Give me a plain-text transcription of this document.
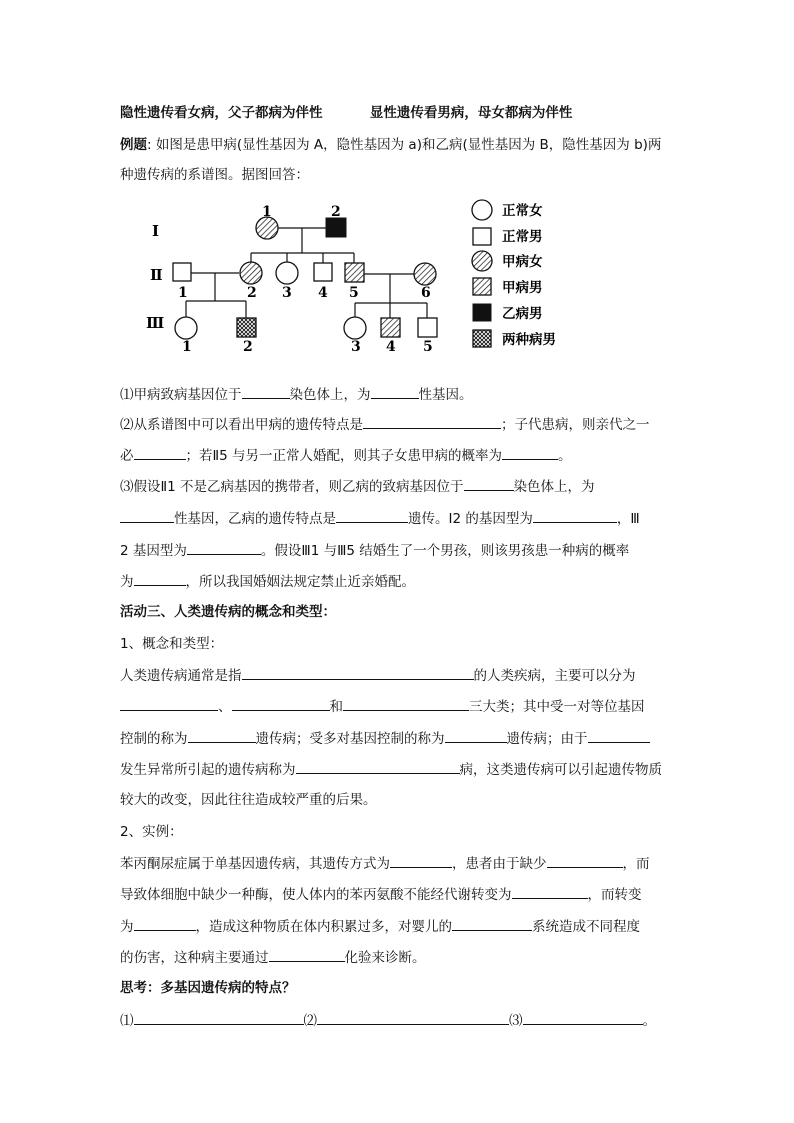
隐性遗传看女病，父子都病为伴性	显性遗传看男病，母女都病为伴性
例题: 如图是患甲病(显性基因为 A，隐性基因为 a)和乙病(显性基因为 B，隐性基因为 b)两
种遗传病的系谱图。据图回答：
Ⅰ
Ⅱ
Ⅲ
1	2
1	2 3 4 5	6
1	2	3 4 5
正常女
正常男
甲病女
甲病男
乙病男
两种病男
⑴甲病致病基因位于	染色体上，为	性基因。
⑵从系谱图中可以看出甲病的遗传特点是	；子代患病，则亲代之一
必	；若Ⅱ5 与另一正常人婚配，则其子女患甲病的概率为	。
⑶假设Ⅱ1 不是乙病基因的携带者，则乙病的致病基因位于	染色体上，为
性基因，乙病的遗传特点是	遗传。Ⅰ2 的基因型为	，Ⅲ
2 基因型为	。假设Ⅲ1 与Ⅲ5 结婚生了一个男孩，则该男孩患一种病的概率
为	，所以我国婚姻法规定禁止近亲婚配。
活动三、人类遗传病的概念和类型：
1、概念和类型：
人类遗传病通常是指	的人类疾病，主要可以分为
、	和	三大类；其中受一对等位基因
控制的称为	遗传病；受多对基因控制的称为	遗传病；由于
发生异常所引起的遗传病称为	病，这类遗传病可以引起遗传物质
较大的改变，因此往往造成较严重的后果。
2、实例：
苯丙酮尿症属于单基因遗传病，其遗传方式为	，患者由于缺少	，而
导致体细胞中缺少一种酶，使人体内的苯丙氨酸不能经代谢转变为	，而转变
为	，造成这种物质在体内积累过多，对婴儿的	系统造成不同程度
的伤害，这种病主要通过	化验来诊断。
思考：多基因遗传病的特点？
⑴	⑵	⑶	。
